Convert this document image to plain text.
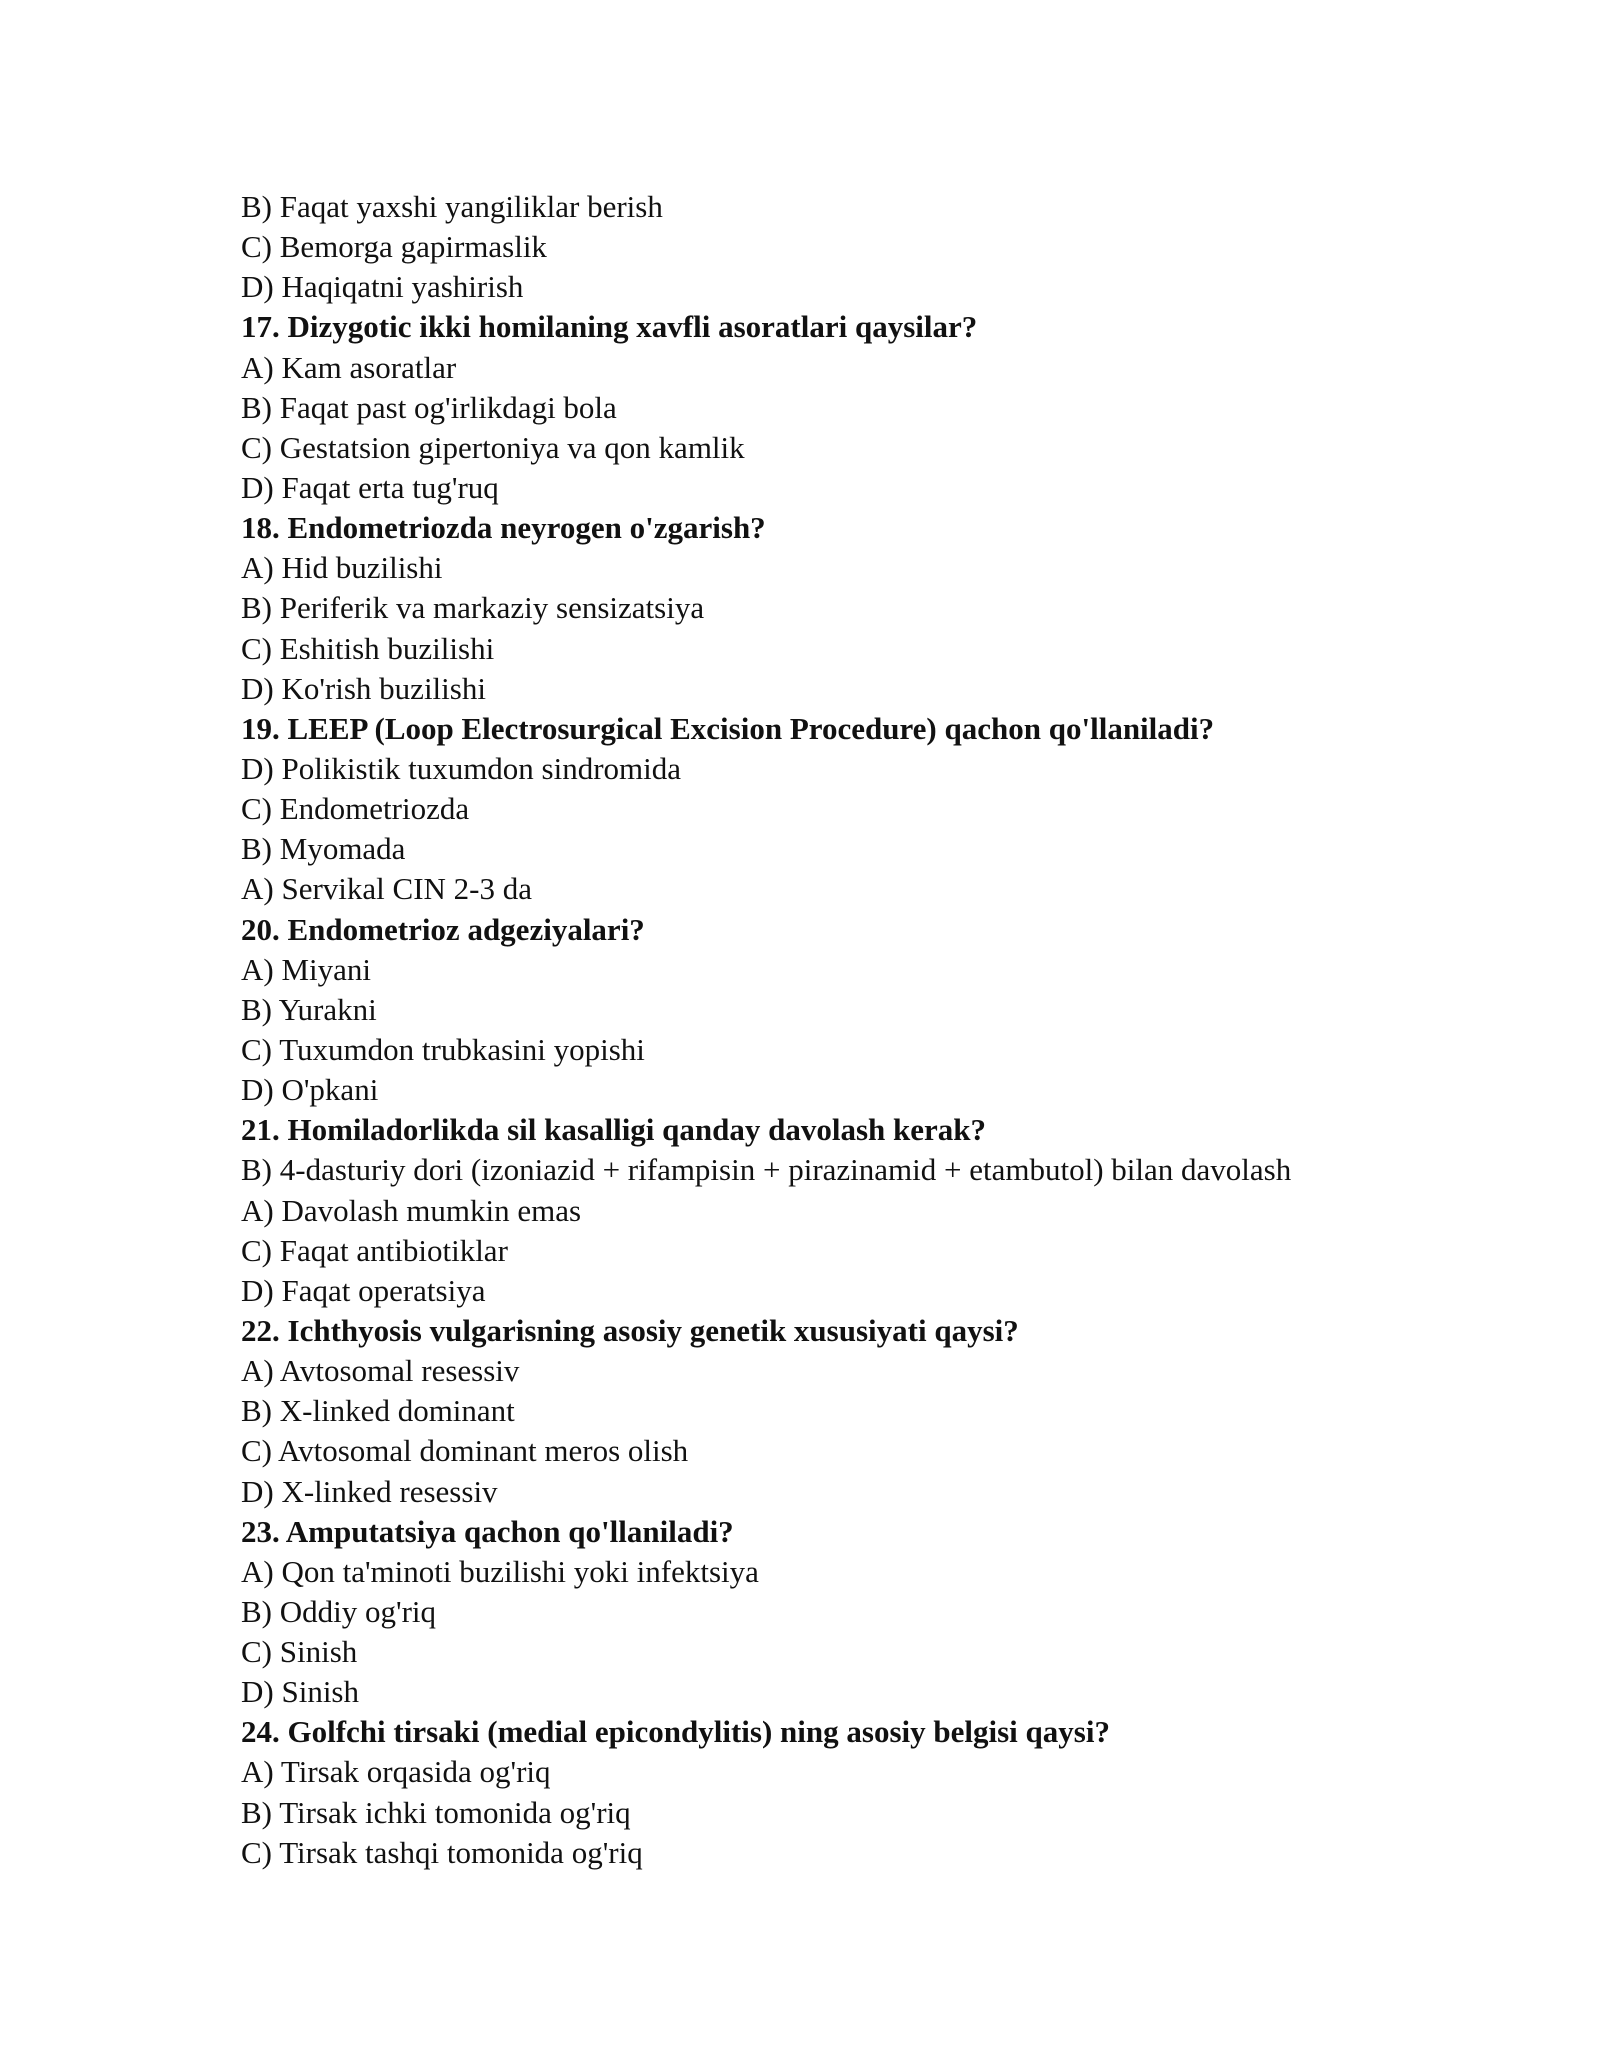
B) Faqat yaxshi yangiliklar berish
C) Bemorga gapirmaslik
D) Haqiqatni yashirish
17. Dizygotic ikki homilaning xavfli asoratlari qaysilar?
A) Kam asoratlar
B) Faqat past og'irlikdagi bola
C) Gestatsion gipertoniya va qon kamlik
D) Faqat erta tug'ruq
18. Endometriozda neyrogen o'zgarish?
A) Hid buzilishi
B) Periferik va markaziy sensizatsiya
C) Eshitish buzilishi
D) Ko'rish buzilishi
19. LEEP (Loop Electrosurgical Excision Procedure) qachon qo'llaniladi?
D) Polikistik tuxumdon sindromida
C) Endometriozda
B) Myomada
A) Servikal CIN 2-3 da
20. Endometrioz adgeziyalari?
A) Miyani
B) Yurakni
C) Tuxumdon trubkasini yopishi
D) O'pkani
21. Homiladorlikda sil kasalligi qanday davolash kerak?
B) 4-dasturiy dori (izoniazid + rifampisin + pirazinamid + etambutol) bilan davolash
A) Davolash mumkin emas
C) Faqat antibiotiklar
D) Faqat operatsiya
22. Ichthyosis vulgarisning asosiy genetik xususiyati qaysi?
A) Avtosomal resessiv
B) X-linked dominant
C) Avtosomal dominant meros olish
D) X-linked resessiv
23. Amputatsiya qachon qo'llaniladi?
A) Qon ta'minoti buzilishi yoki infektsiya
B) Oddiy og'riq
C) Sinish
D) Sinish
24. Golfchi tirsaki (medial epicondylitis) ning asosiy belgisi qaysi?
A) Tirsak orqasida og'riq
B) Tirsak ichki tomonida og'riq
C) Tirsak tashqi tomonida og'riq
